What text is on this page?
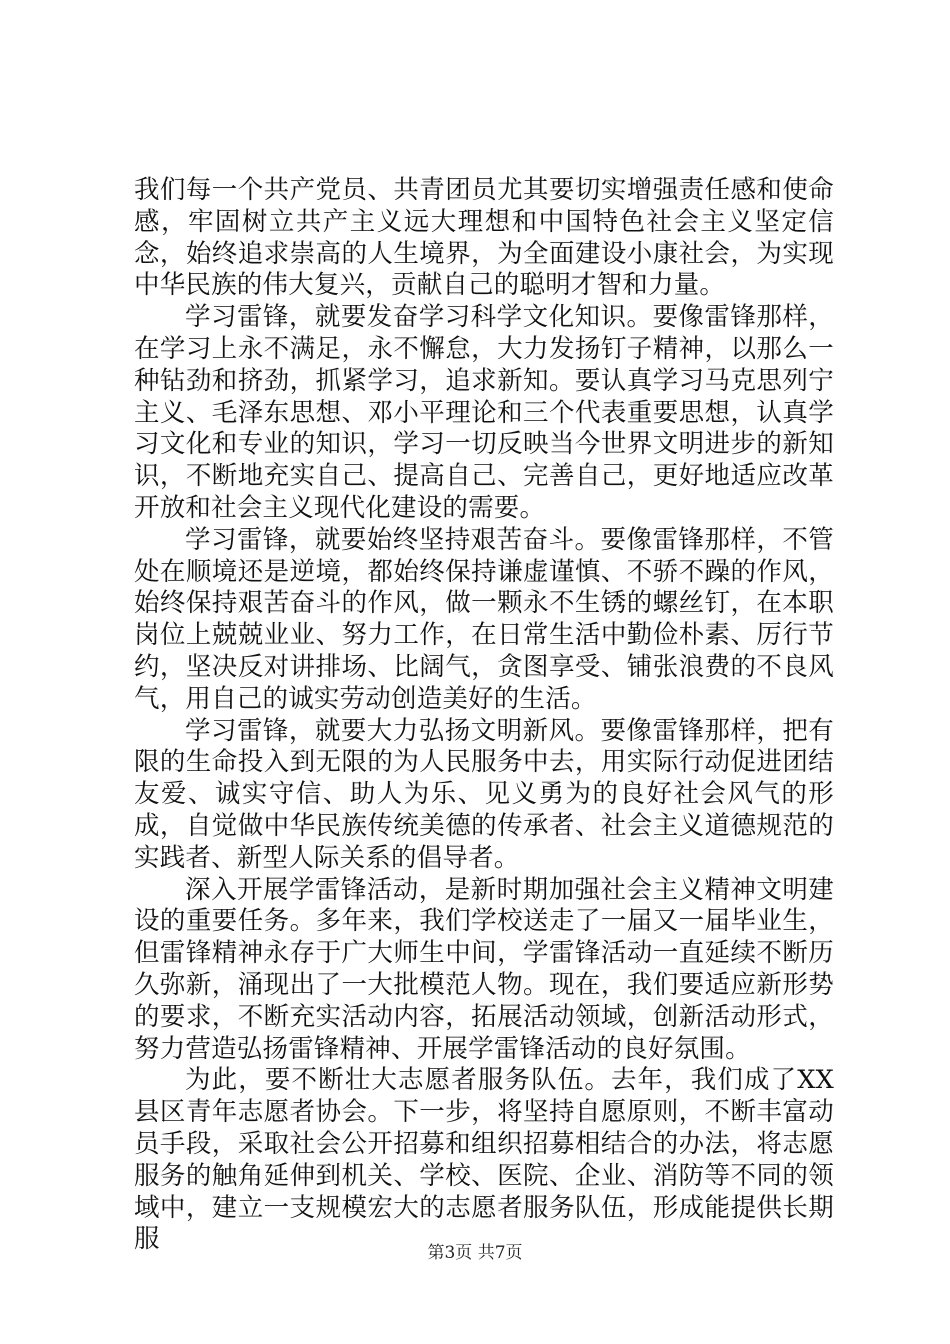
我们每一个共产党员、共青团员尤其要切实增强责任感和使命感，牢固树立共产主义远大理想和中国特色社会主义坚定信念，始终追求崇高的人生境界，为全面建设小康社会，为实现中华民族的伟大复兴，贡献自己的聪明才智和力量。

学习雷锋，就要发奋学习科学文化知识。要像雷锋那样，在学习上永不满足，永不懈怠，大力发扬钉子精神，以那么一种钻劲和挤劲，抓紧学习，追求新知。要认真学习马克思列宁主义、毛泽东思想、邓小平理论和三个代表重要思想，认真学习文化和专业的知识，学习一切反映当今世界文明进步的新知识，不断地充实自己、提高自己、完善自己，更好地适应改革开放和社会主义现代化建设的需要。

学习雷锋，就要始终坚持艰苦奋斗。要像雷锋那样，不管处在顺境还是逆境，都始终保持谦虚谨慎、不骄不躁的作风，始终保持艰苦奋斗的作风，做一颗永不生锈的螺丝钉，在本职岗位上兢兢业业、努力工作，在日常生活中勤俭朴素、厉行节约，坚决反对讲排场、比阔气，贪图享受、铺张浪费的不良风气，用自己的诚实劳动创造美好的生活。

学习雷锋，就要大力弘扬文明新风。要像雷锋那样，把有限的生命投入到无限的为人民服务中去，用实际行动促进团结友爱、诚实守信、助人为乐、见义勇为的良好社会风气的形成，自觉做中华民族传统美德的传承者、社会主义道德规范的实践者、新型人际关系的倡导者。

深入开展学雷锋活动，是新时期加强社会主义精神文明建设的重要任务。多年来，我们学校送走了一届又一届毕业生，但雷锋精神永存于广大师生中间，学雷锋活动一直延续不断历久弥新，涌现出了一大批模范人物。现在，我们要适应新形势的要求，不断充实活动内容，拓展活动领域，创新活动形式，努力营造弘扬雷锋精神、开展学雷锋活动的良好氛围。

为此，要不断壮大志愿者服务队伍。去年，我们成了XX县区青年志愿者协会。下一步，将坚持自愿原则，不断丰富动员手段，采取社会公开招募和组织招募相结合的办法，将志愿服务的触角延伸到机关、学校、医院、企业、消防等不同的领域中，建立一支规模宏大的志愿者服务队伍，形成能提供长期服	第3页 共7页
